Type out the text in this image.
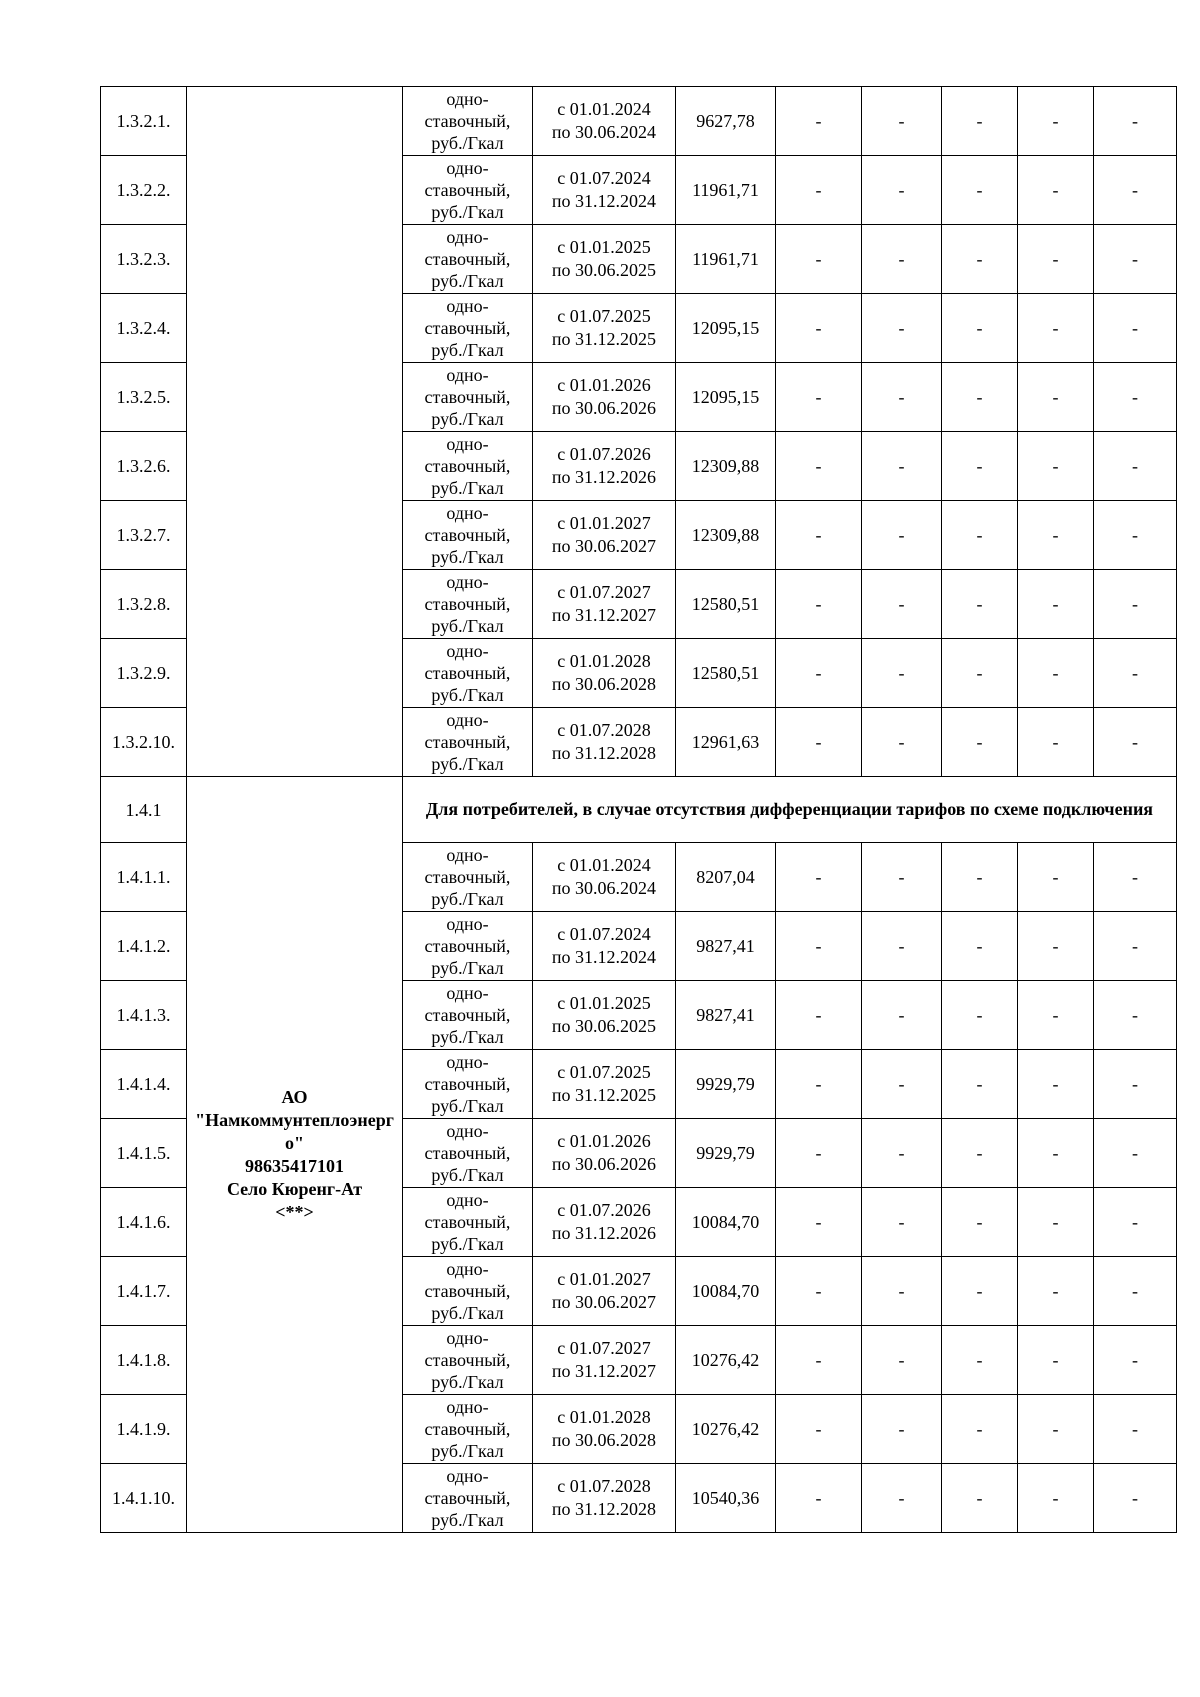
1.3.2.1.		одно-
ставочный,
руб./Гкал	с 01.01.2024
по 30.06.2024	9627,78	-	-	-	-	-
1.3.2.2.		одно-
ставочный,
руб./Гкал	с 01.07.2024
по 31.12.2024	11961,71	-	-	-	-	-
1.3.2.3.		одно-
ставочный,
руб./Гкал	с 01.01.2025
по 30.06.2025	11961,71	-	-	-	-	-
1.3.2.4.		одно-
ставочный,
руб./Гкал	с 01.07.2025
по 31.12.2025	12095,15	-	-	-	-	-
1.3.2.5.		одно-
ставочный,
руб./Гкал	с 01.01.2026
по 30.06.2026	12095,15	-	-	-	-	-
1.3.2.6.		одно-
ставочный,
руб./Гкал	с 01.07.2026
по 31.12.2026	12309,88	-	-	-	-	-
1.3.2.7.		одно-
ставочный,
руб./Гкал	с 01.01.2027
по 30.06.2027	12309,88	-	-	-	-	-
1.3.2.8.		одно-
ставочный,
руб./Гкал	с 01.07.2027
по 31.12.2027	12580,51	-	-	-	-	-
1.3.2.9.		одно-
ставочный,
руб./Гкал	с 01.01.2028
по 30.06.2028	12580,51	-	-	-	-	-
1.3.2.10.		одно-
ставочный,
руб./Гкал	с 01.07.2028
по 31.12.2028	12961,63	-	-	-	-	-
1.4.1	АО
"Намкоммунтеплоэнерго"
98635417101
Село Кюренг-Ат
<**>	Для потребителей, в случае отсутствия дифференциации тарифов по схеме подключения							
1.4.1.1.		одно-
ставочный,
руб./Гкал	с 01.01.2024
по 30.06.2024	8207,04	-	-	-	-	-
1.4.1.2.		одно-
ставочный,
руб./Гкал	с 01.07.2024
по 31.12.2024	9827,41	-	-	-	-	-
1.4.1.3.		одно-
ставочный,
руб./Гкал	с 01.01.2025
по 30.06.2025	9827,41	-	-	-	-	-
1.4.1.4.		одно-
ставочный,
руб./Гкал	с 01.07.2025
по 31.12.2025	9929,79	-	-	-	-	-
1.4.1.5.		одно-
ставочный,
руб./Гкал	с 01.01.2026
по 30.06.2026	9929,79	-	-	-	-	-
1.4.1.6.		одно-
ставочный,
руб./Гкал	с 01.07.2026
по 31.12.2026	10084,70	-	-	-	-	-
1.4.1.7.		одно-
ставочный,
руб./Гкал	с 01.01.2027
по 30.06.2027	10084,70	-	-	-	-	-
1.4.1.8.		одно-
ставочный,
руб./Гкал	с 01.07.2027
по 31.12.2027	10276,42	-	-	-	-	-
1.4.1.9.		одно-
ставочный,
руб./Гкал	с 01.01.2028
по 30.06.2028	10276,42	-	-	-	-	-
1.4.1.10.		одно-
ставочный,
руб./Гкал	с 01.07.2028
по 31.12.2028	10540,36	-	-	-	-	-
